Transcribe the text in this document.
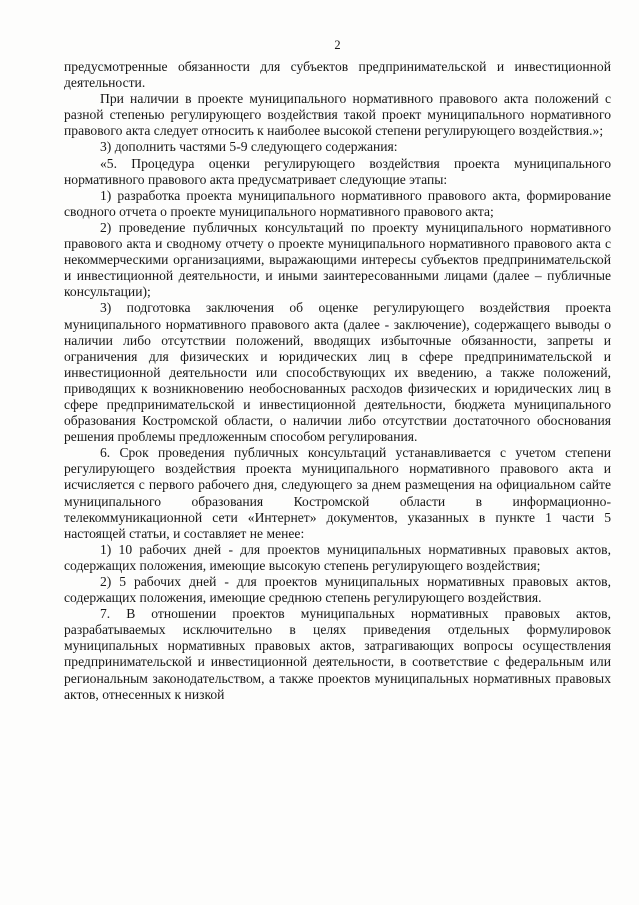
2

предусмотренные обязанности для субъектов предпринимательской и инвестиционной деятельности.

При наличии в проекте муниципального нормативного правового акта положений с разной степенью регулирующего воздействия такой проект муниципального нормативного правового акта следует относить к наиболее высокой степени регулирующего воздействия.»;

3) дополнить частями 5-9 следующего содержания:

«5. Процедура оценки регулирующего воздействия проекта муниципального нормативного правового акта предусматривает следующие этапы:

1) разработка проекта муниципального нормативного правового акта, формирование сводного отчета о проекте муниципального нормативного правового акта;

2) проведение публичных консультаций по проекту муниципального нормативного правового акта и сводному отчету о проекте муниципального нормативного правового акта с некоммерческими организациями, выражающими интересы субъектов предпринимательской и инвестиционной деятельности, и иными заинтересованными лицами (далее – публичные консультации);

3) подготовка заключения об оценке регулирующего воздействия проекта муниципального нормативного правового акта (далее - заключение), содержащего выводы о наличии либо отсутствии положений, вводящих избыточные обязанности, запреты и ограничения для физических и юридических лиц в сфере предпринимательской и инвестиционной деятельности или способствующих их введению, а также положений, приводящих к возникновению необоснованных расходов физических и юридических лиц в сфере предпринимательской и инвестиционной деятельности, бюджета муниципального образования Костромской области, о наличии либо отсутствии достаточного обоснования решения проблемы предложенным способом регулирования.

6. Срок проведения публичных консультаций устанавливается с учетом степени регулирующего воздействия проекта муниципального нормативного правового акта и исчисляется с первого рабочего дня, следующего за днем размещения на официальном сайте муниципального образования Костромской области в информационно-телекоммуникационной сети «Интернет» документов, указанных в пункте 1 части 5 настоящей статьи, и составляет не менее:

1) 10 рабочих дней - для проектов муниципальных нормативных правовых актов, содержащих положения, имеющие высокую степень регулирующего воздействия;

2) 5 рабочих дней - для проектов муниципальных нормативных правовых актов, содержащих положения, имеющие среднюю степень регулирующего воздействия.

7. В отношении проектов муниципальных нормативных правовых актов, разрабатываемых исключительно в целях приведения отдельных формулировок муниципальных нормативных правовых актов, затрагивающих вопросы осуществления предпринимательской и инвестиционной деятельности, в соответствие с федеральным или региональным законодательством, а также проектов муниципальных нормативных правовых актов, отнесенных к низкой
